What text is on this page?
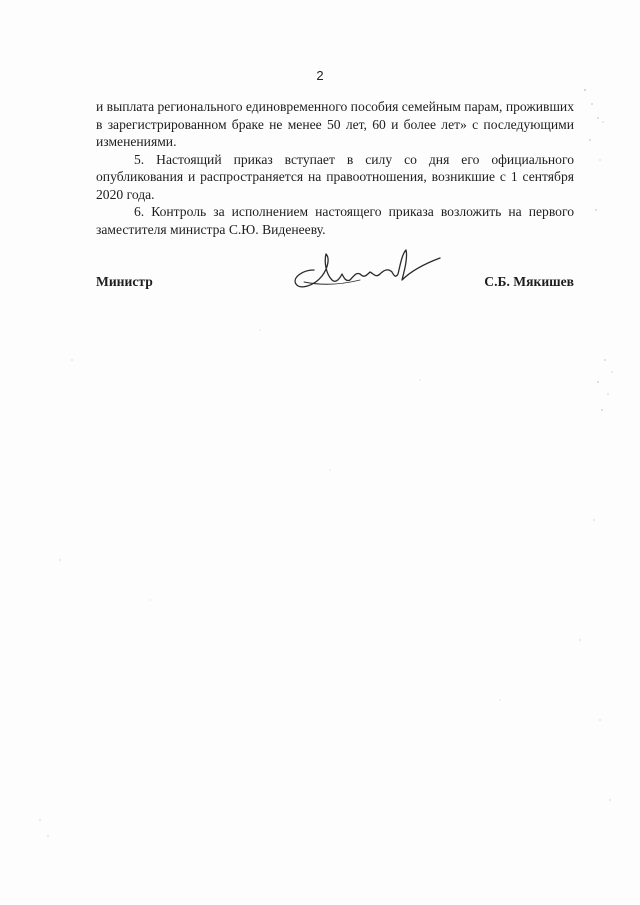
2

и выплата регионального единовременного пособия семейным парам, проживших в зарегистрированном браке не менее 50 лет, 60 и более лет» с последующими изменениями.

5. Настоящий приказ вступает в силу со дня его официального опубликования и распространяется на правоотношения, возникшие с 1 сентября 2020 года.

6. Контроль за исполнением настоящего приказа возложить на первого заместителя министра С.Ю. Виденееву.

Министр	С.Б. Мякишев
